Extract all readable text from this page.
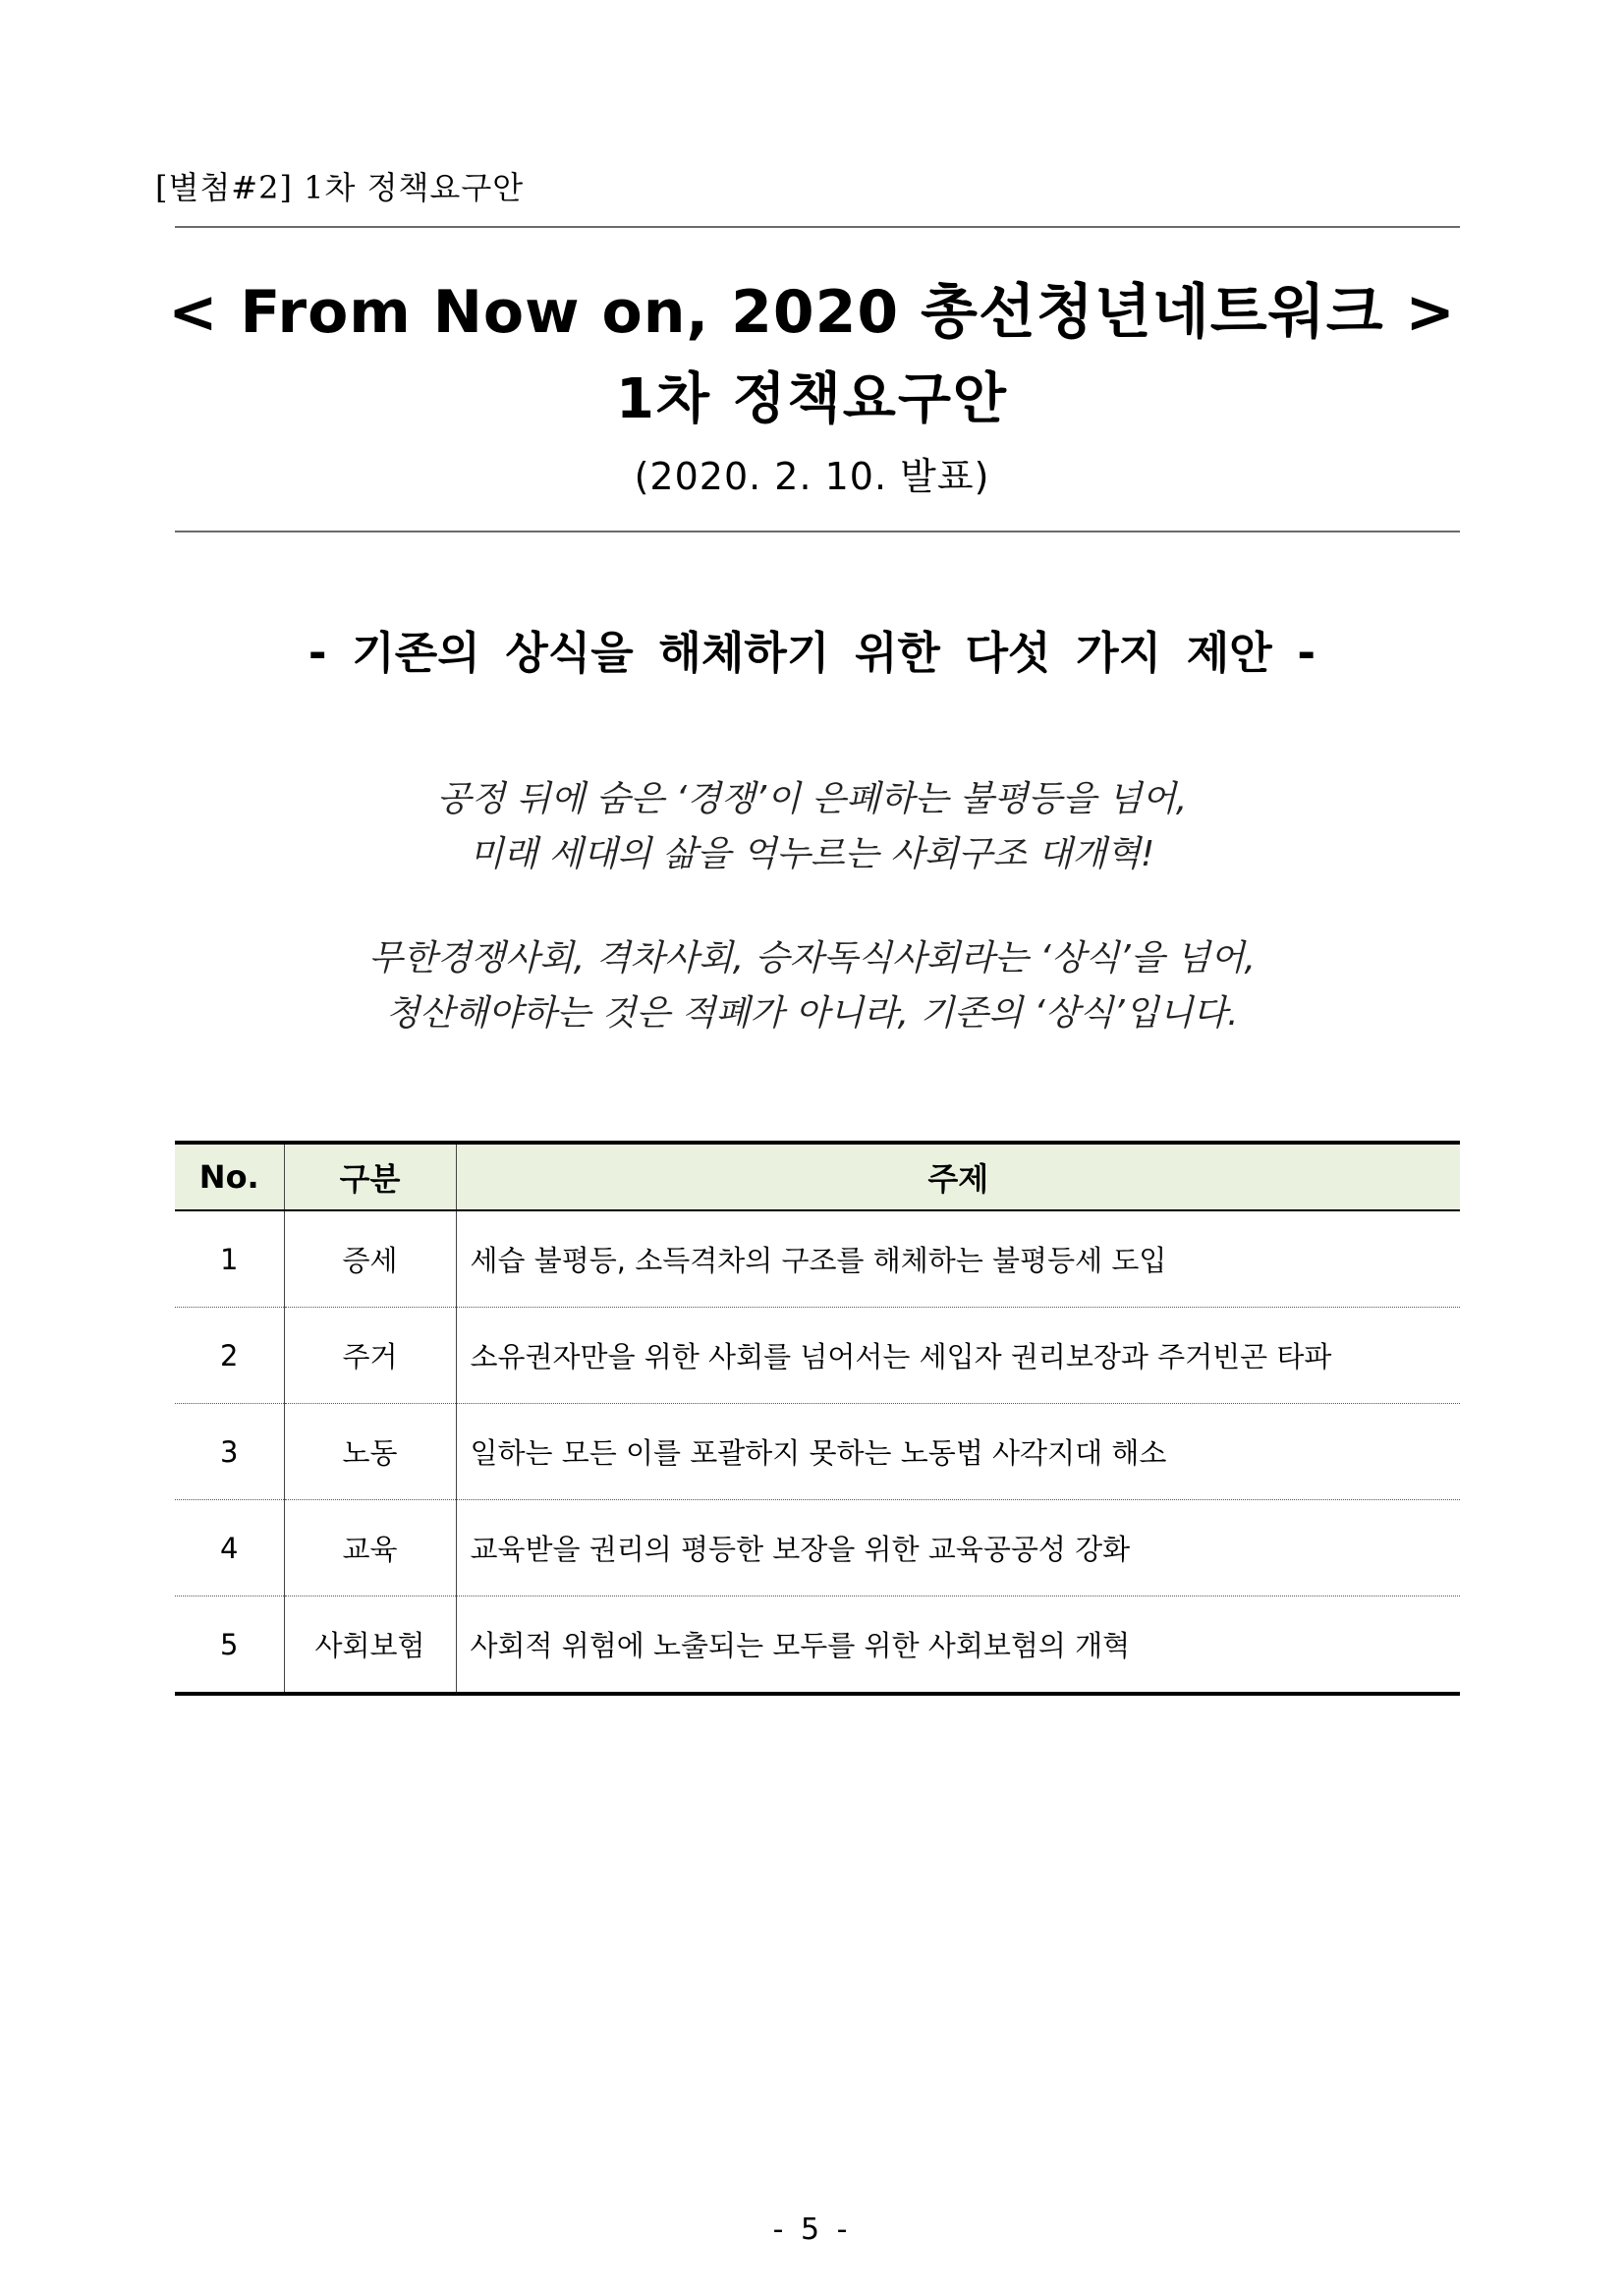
[별첨#2] 1차 정책요구안
< From Now on, 2020 총선청년네트워크 >
1차 정책요구안
(2020. 2. 10. 발표)
- 기존의 상식을 해체하기 위한 다섯 가지 제안 -
공정 뒤에 숨은 ‘경쟁’이 은폐하는 불평등을 넘어,
미래 세대의 삶을 억누르는 사회구조 대개혁!
무한경쟁사회, 격차사회, 승자독식사회라는 ‘상식’을 넘어,
청산해야하는 것은 적폐가 아니라, 기존의 ‘상식’입니다.
No.	구분	주제
1	증세	세습 불평등, 소득격차의 구조를 해체하는 불평등세 도입
2	주거	소유권자만을 위한 사회를 넘어서는 세입자 권리보장과 주거빈곤 타파
3	노동	일하는 모든 이를 포괄하지 못하는 노동법 사각지대 해소
4	교육	교육받을 권리의 평등한 보장을 위한 교육공공성 강화
5	사회보험	사회적 위험에 노출되는 모두를 위한 사회보험의 개혁
- 5 -
